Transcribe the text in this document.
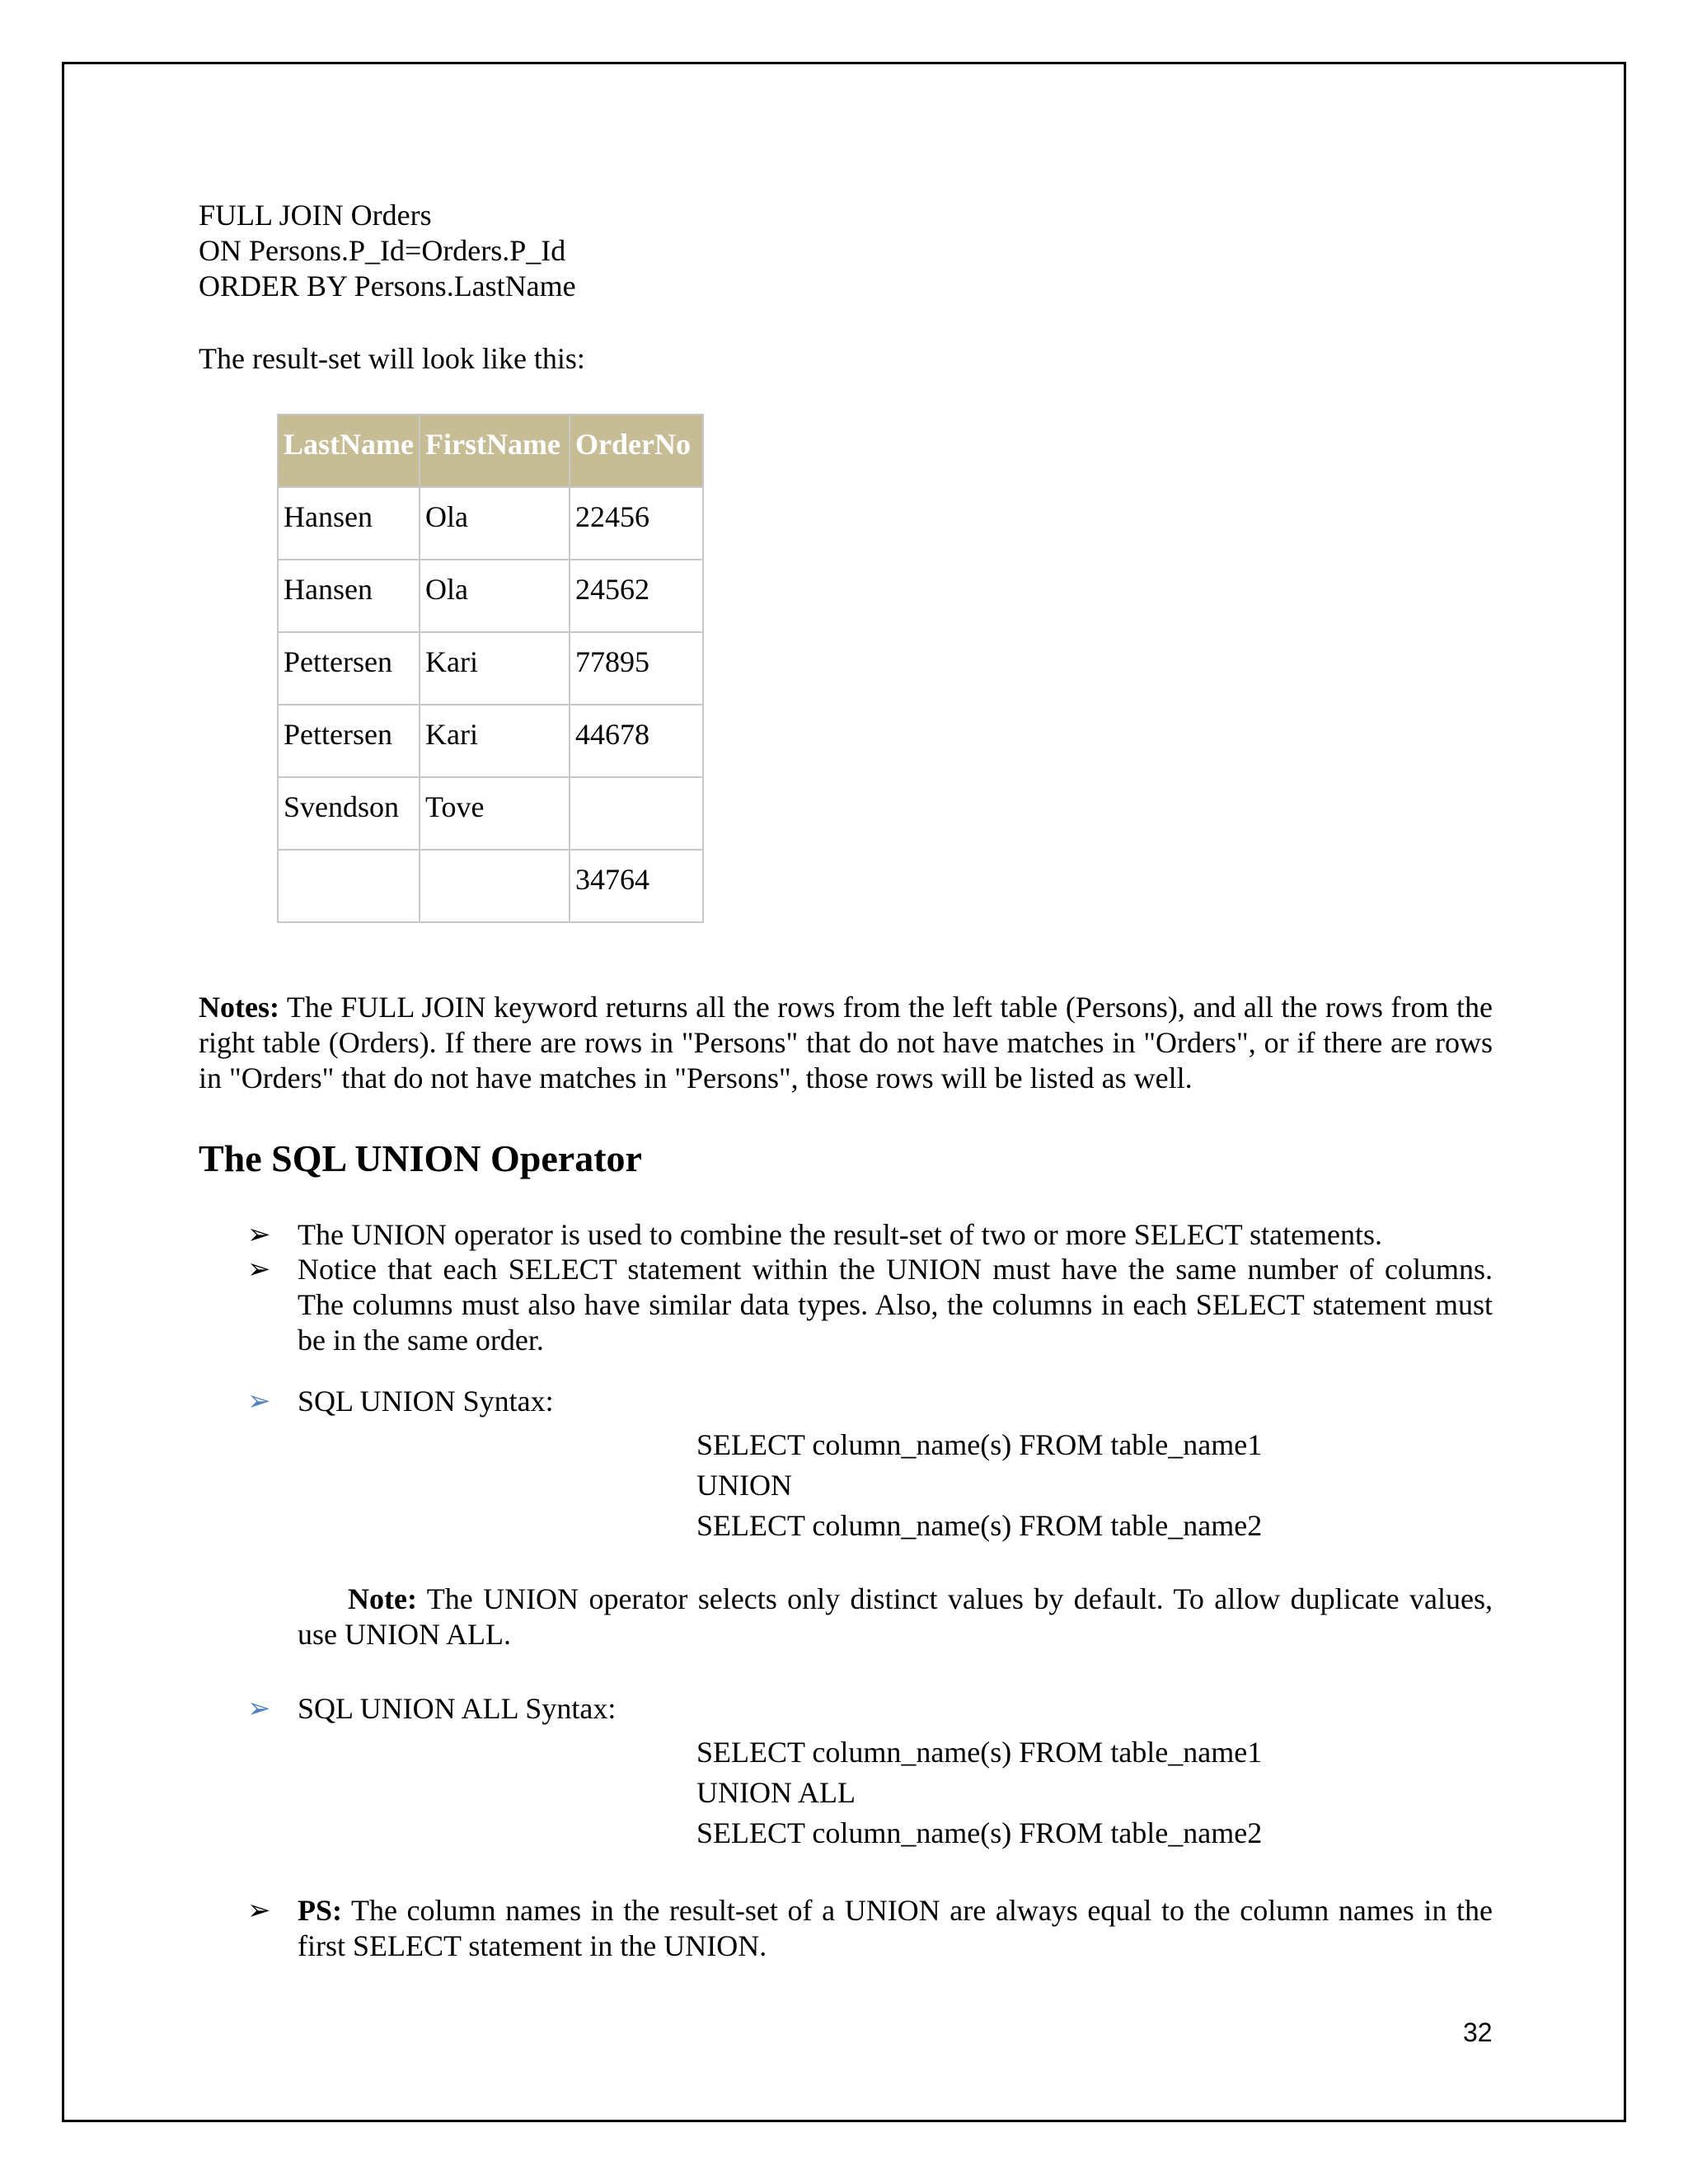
FULL JOIN Orders
ON Persons.P_Id=Orders.P_Id
ORDER BY Persons.LastName
The result-set will look like this:
LastName	FirstName	OrderNo
Hansen	Ola	22456
Hansen	Ola	24562
Pettersen	Kari	77895
Pettersen	Kari	44678
Svendson	Tove	
		34764
Notes: The FULL JOIN keyword returns all the rows from the left table (Persons), and all the rows from the right table (Orders). If there are rows in "Persons" that do not have matches in "Orders", or if there are rows in "Orders" that do not have matches in "Persons", those rows will be listed as well.
The SQL UNION Operator
➢ The UNION operator is used to combine the result-set of two or more SELECT statements.
➢ Notice that each SELECT statement within the UNION must have the same number of columns. The columns must also have similar data types. Also, the columns in each SELECT statement must be in the same order.
➢ SQL UNION Syntax:
SELECT column_name(s) FROM table_name1
UNION
SELECT column_name(s) FROM table_name2
Note: The UNION operator selects only distinct values by default. To allow duplicate values, use UNION ALL.
➢ SQL UNION ALL Syntax:
SELECT column_name(s) FROM table_name1
UNION ALL
SELECT column_name(s) FROM table_name2
➢ PS: The column names in the result-set of a UNION are always equal to the column names in the first SELECT statement in the UNION.
32
